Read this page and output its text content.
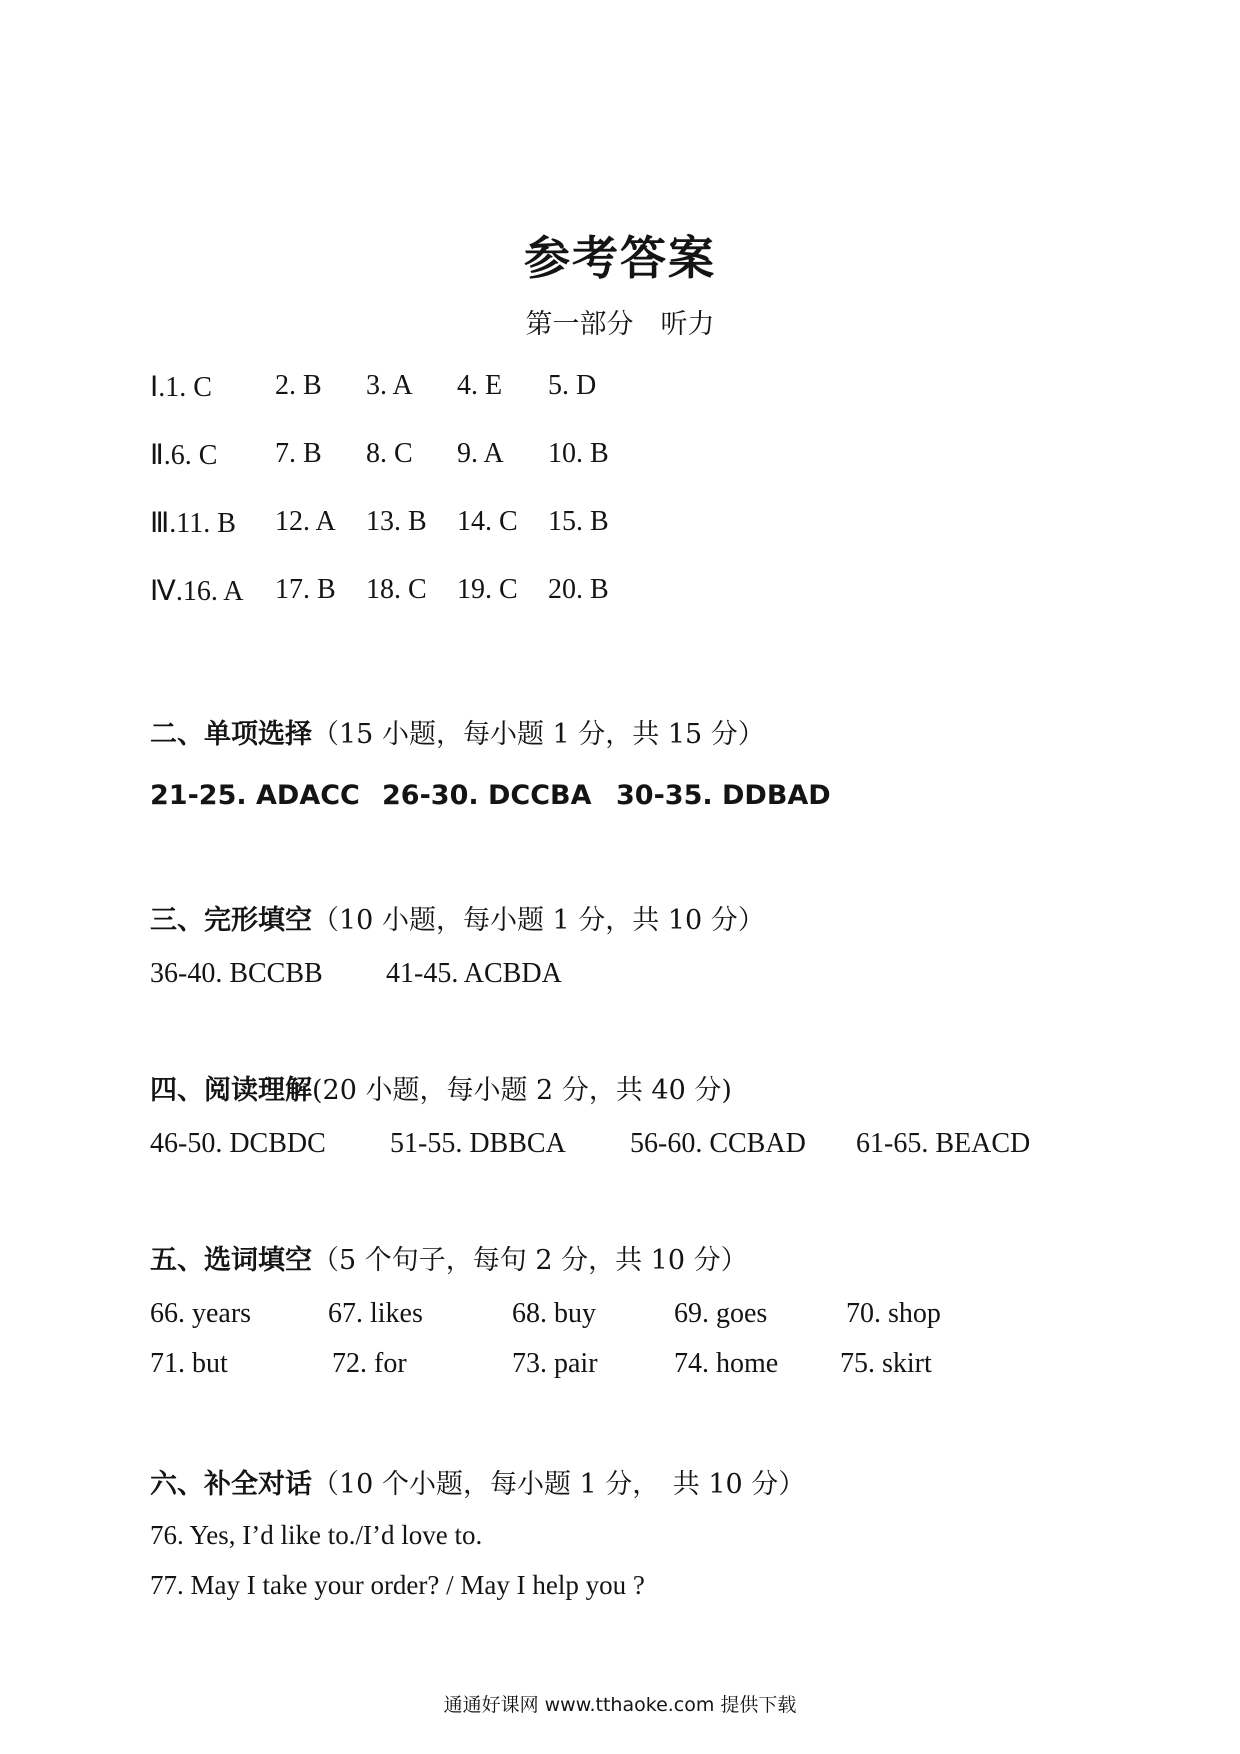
参考答案
第一部分　听力
Ⅰ.1. C 2. B 3. A 4. E 5. D
Ⅱ.6. C 7. B 8. C 9. A 10. B
Ⅲ.11. B 12. A 13. B 14. C 15. B
Ⅳ.16. A 17. B 18. C 19. C 20. B
二、单项选择（15 小题，每小题 1 分，共 15 分）
21-25. ADACC 26-30. DCCBA 30-35. DDBAD
三、完形填空（10 小题，每小题 1 分，共 10 分）
36-40. BCCBB 41-45. ACBDA
四、阅读理解(20 小题，每小题 2 分，共 40 分)
46-50. DCBDC 51-55. DBBCA 56-60. CCBAD 61-65. BEACD
五、选词填空（5 个句子，每句 2 分，共 10 分）
66. years	67. likes	68. buy	69. goes	70. shop
71. but	72. for	73. pair	74. home 75. skirt
六、补全对话（10 个小题，每小题 1 分，　共 10 分）
76. Yes, I’d like to./I’d love to.
77. May I take your order? / May I help you ?
通通好课网 www.tthaoke.com 提供下载
